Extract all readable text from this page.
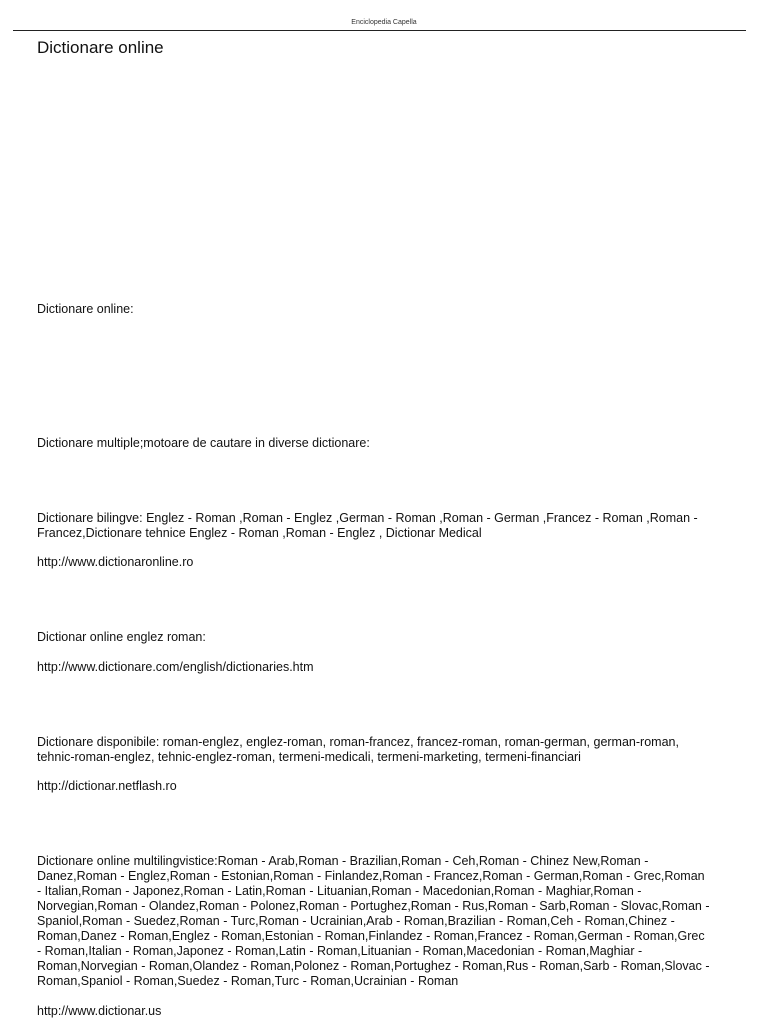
Enciclopedia Capella
Dictionare online

Dictionare online:

Dictionare multiple;motoare de cautare in diverse dictionare:

Dictionare bilingve: Englez - Roman ,Roman - Englez ,German - Roman ,Roman - German ,Francez - Roman ,Roman -
Francez,Dictionare tehnice Englez - Roman ,Roman - Englez , Dictionar Medical

http://www.dictionaronline.ro

Dictionar online englez roman:

http://www.dictionare.com/english/dictionaries.htm

Dictionare disponibile: roman-englez, englez-roman, roman-francez, francez-roman, roman-german, german-roman,
tehnic-roman-englez, tehnic-englez-roman, termeni-medicali, termeni-marketing, termeni-financiari

http://dictionar.netflash.ro

Dictionare online multilingvistice:Roman - Arab,Roman - Brazilian,Roman - Ceh,Roman - Chinez New,Roman -
Danez,Roman - Englez,Roman - Estonian,Roman - Finlandez,Roman - Francez,Roman - German,Roman - Grec,Roman
- Italian,Roman - Japonez,Roman - Latin,Roman - Lituanian,Roman - Macedonian,Roman - Maghiar,Roman -
Norvegian,Roman - Olandez,Roman - Polonez,Roman - Portughez,Roman - Rus,Roman - Sarb,Roman - Slovac,Roman -
Spaniol,Roman - Suedez,Roman - Turc,Roman - Ucrainian,Arab - Roman,Brazilian - Roman,Ceh - Roman,Chinez -
Roman,Danez - Roman,Englez - Roman,Estonian - Roman,Finlandez - Roman,Francez - Roman,German - Roman,Grec
- Roman,Italian - Roman,Japonez - Roman,Latin - Roman,Lituanian - Roman,Macedonian - Roman,Maghiar -
Roman,Norvegian - Roman,Olandez - Roman,Polonez - Roman,Portughez - Roman,Rus - Roman,Sarb - Roman,Slovac -
Roman,Spaniol - Roman,Suedez - Roman,Turc - Roman,Ucrainian - Roman

http://www.dictionar.us
